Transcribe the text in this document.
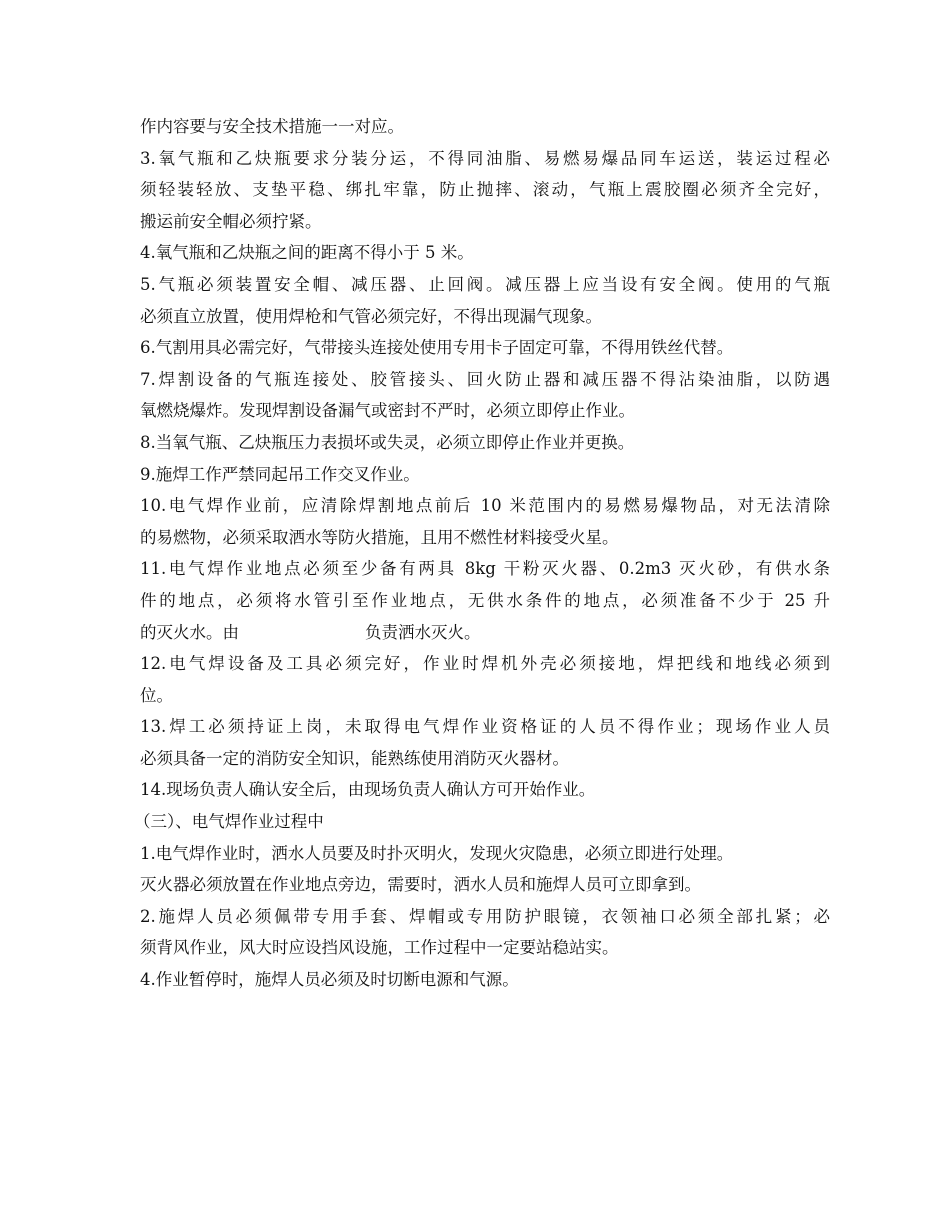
作内容要与安全技术措施一一对应。
3.氧气瓶和乙炔瓶要求分装分运，不得同油脂、易燃易爆品同车运送，装运过程必
须轻装轻放、支垫平稳、绑扎牢靠，防止抛摔、滚动，气瓶上震胶圈必须齐全完好，
搬运前安全帽必须拧紧。
4.氧气瓶和乙炔瓶之间的距离不得小于 5 米。
5.气瓶必须装置安全帽、减压器、止回阀。减压器上应当设有安全阀。使用的气瓶
必须直立放置，使用焊枪和气管必须完好，不得出现漏气现象。
6.气割用具必需完好，气带接头连接处使用专用卡子固定可靠，不得用铁丝代替。
7.焊割设备的气瓶连接处、胶管接头、回火防止器和减压器不得沾染油脂，以防遇
氧燃烧爆炸。发现焊割设备漏气或密封不严时，必须立即停止作业。
8.当氧气瓶、乙炔瓶压力表损坏或失灵，必须立即停止作业并更换。
9.施焊工作严禁同起吊工作交叉作业。
10.电气焊作业前，应清除焊割地点前后 10 米范围内的易燃易爆物品，对无法清除
的易燃物，必须采取洒水等防火措施，且用不燃性材料接受火星。
11.电气焊作业地点必须至少备有两具 8kg 干粉灭火器、0.2m3 灭火砂，有供水条
件的地点，必须将水管引至作业地点，无供水条件的地点，必须准备不少于 25 升
的灭火水。由	负责洒水灭火。
12.电气焊设备及工具必须完好，作业时焊机外壳必须接地，焊把线和地线必须到
位。
13.焊工必须持证上岗，未取得电气焊作业资格证的人员不得作业；现场作业人员
必须具备一定的消防安全知识，能熟练使用消防灭火器材。
14.现场负责人确认安全后，由现场负责人确认方可开始作业。
（三）、电气焊作业过程中
1.电气焊作业时，洒水人员要及时扑灭明火，发现火灾隐患，必须立即进行处理。
灭火器必须放置在作业地点旁边，需要时，洒水人员和施焊人员可立即拿到。
2.施焊人员必须佩带专用手套、焊帽或专用防护眼镜，衣领袖口必须全部扎紧；必
须背风作业，风大时应设挡风设施，工作过程中一定要站稳站实。
4.作业暂停时，施焊人员必须及时切断电源和气源。
